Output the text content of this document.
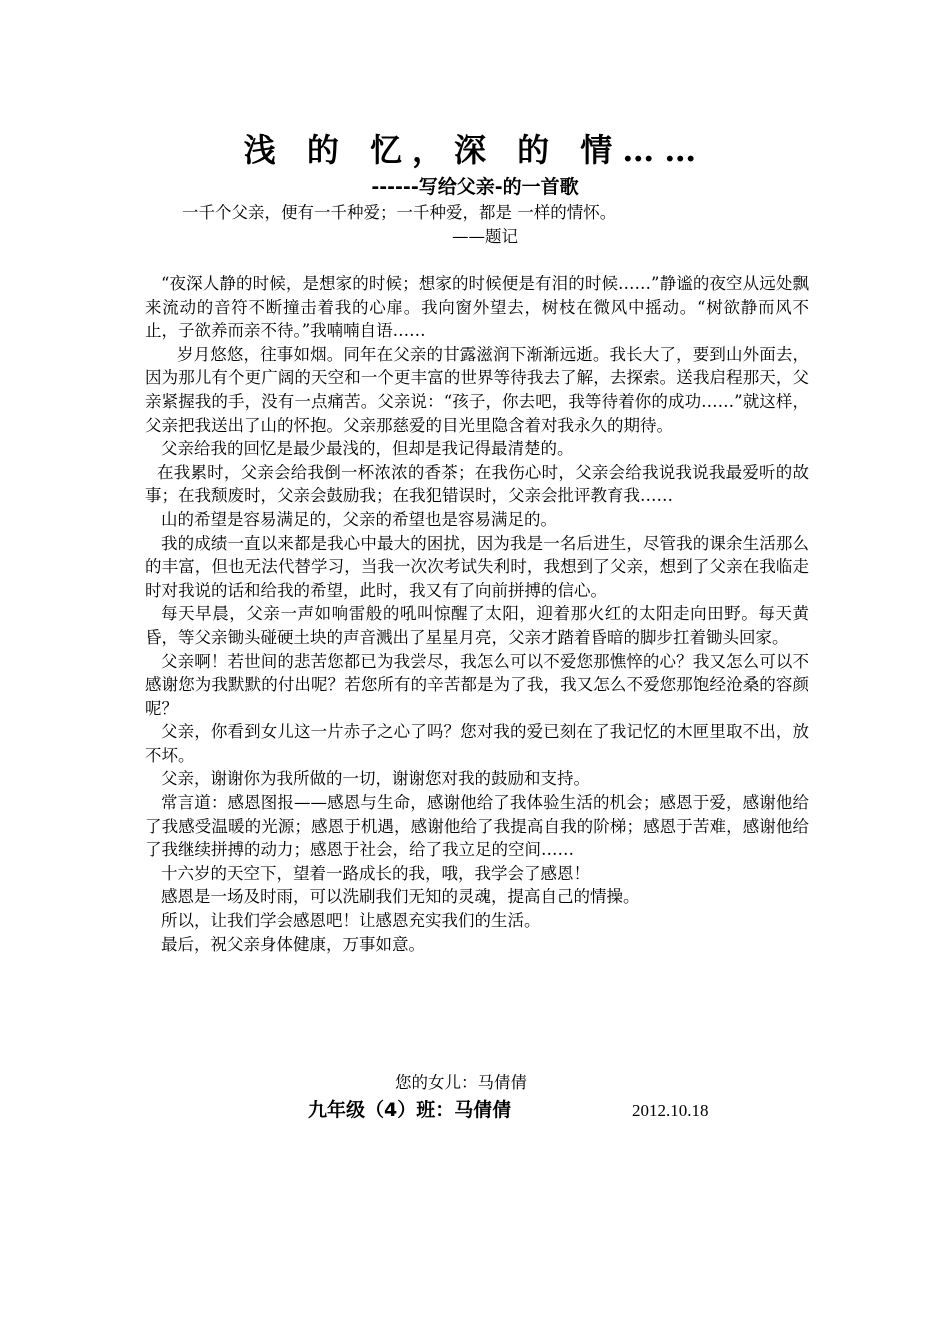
浅 的 忆，深 的 情……
------写给父亲-的一首歌
一千个父亲，便有一千种爱；一千种爱，都是 一样的情怀。
——题记

“夜深人静的时候，是想家的时候；想家的时候便是有泪的时候……”静谧的夜空从远处飘来流动的音符不断撞击着我的心扉。我向窗外望去，树枝在微风中摇动。“树欲静而风不止，子欲养而亲不待。”我喃喃自语……

岁月悠悠，往事如烟。同年在父亲的甘露滋润下渐渐远逝。我长大了，要到山外面去，因为那儿有个更广阔的天空和一个更丰富的世界等待我去了解，去探索。送我启程那天，父亲紧握我的手，没有一点痛苦。父亲说：“孩子，你去吧，我等待着你的成功……”就这样，父亲把我送出了山的怀抱。父亲那慈爱的目光里隐含着对我永久的期待。

父亲给我的回忆是最少最浅的，但却是我记得最清楚的。

在我累时，父亲会给我倒一杯浓浓的香茶；在我伤心时，父亲会给我说我说我最爱听的故事；在我颓废时，父亲会鼓励我；在我犯错误时，父亲会批评教育我……

山的希望是容易满足的，父亲的希望也是容易满足的。

我的成绩一直以来都是我心中最大的困扰，因为我是一名后进生，尽管我的课余生活那么的丰富，但也无法代替学习，当我一次次考试失利时，我想到了父亲，想到了父亲在我临走时对我说的话和给我的希望，此时，我又有了向前拼搏的信心。

每天早晨，父亲一声如响雷般的吼叫惊醒了太阳，迎着那火红的太阳走向田野。每天黄昏，等父亲锄头碰硬土块的声音溅出了星星月亮，父亲才踏着昏暗的脚步扛着锄头回家。

父亲啊！若世间的悲苦您都已为我尝尽，我怎么可以不爱您那憔悴的心？我又怎么可以不感谢您为我默默的付出呢？若您所有的辛苦都是为了我，我又怎么不爱您那饱经沧桑的容颜呢？

父亲，你看到女儿这一片赤子之心了吗？您对我的爱已刻在了我记忆的木匣里取不出，放不坏。

父亲，谢谢你为我所做的一切，谢谢您对我的鼓励和支持。

常言道：感恩图报——感恩与生命，感谢他给了我体验生活的机会；感恩于爱，感谢他给了我感受温暖的光源；感恩于机遇，感谢他给了我提高自我的阶梯；感恩于苦难，感谢他给了我继续拼搏的动力；感恩于社会，给了我立足的空间……

十六岁的天空下，望着一路成长的我，哦，我学会了感恩！

感恩是一场及时雨，可以洗刷我们无知的灵魂，提高自己的情操。

所以，让我们学会感恩吧！让感恩充实我们的生活。

最后，祝父亲身体健康，万事如意。

您的女儿：马倩倩
九年级（4）班：马倩倩	2012.10.18
